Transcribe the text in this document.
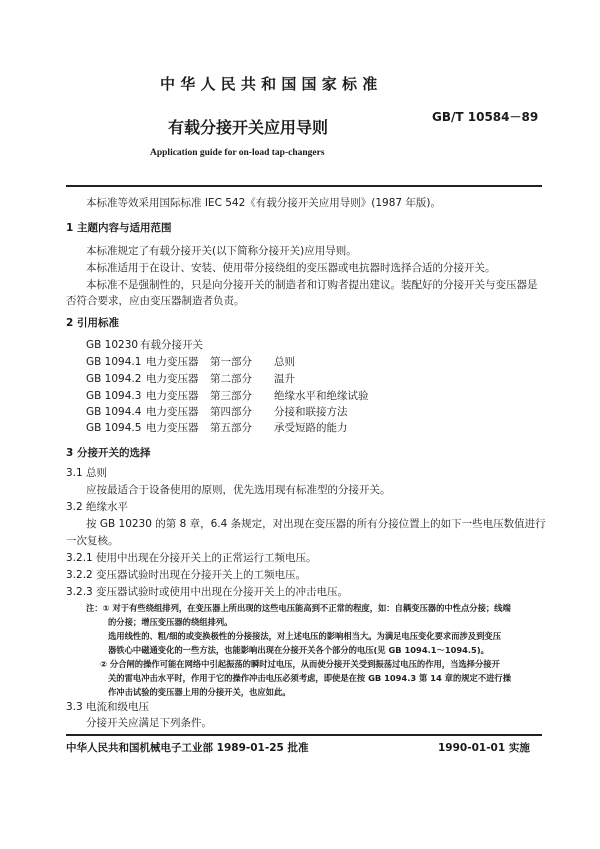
中 华 人 民 共 和 国 国 家 标 准
GB/T 10584－89
有载分接开关应用导则
Application guide for on-load tap-changers
本标准等效采用国际标准 IEC 542《有载分接开关应用导则》(1987 年版)。
1 主题内容与适用范围
本标准规定了有载分接开关(以下简称分接开关)应用导则。
本标准适用于在设计、安装、使用带分接绕组的变压器或电抗器时选择合适的分接开关。
本标准不是强制性的，只是向分接开关的制造者和订购者提出建议。装配好的分接开关与变压器是
否符合要求，应由变压器制造者负责。
2 引用标准
GB 10230 有载分接开关
GB 1094.1 电力变压器 第一部分 总则
GB 1094.2 电力变压器 第二部分 温升
GB 1094.3 电力变压器 第三部分 绝缘水平和绝缘试验
GB 1094.4 电力变压器 第四部分 分接和联接方法
GB 1094.5 电力变压器 第五部分 承受短路的能力
3 分接开关的选择
3.1 总则
应按最适合于设备使用的原则，优先选用现有标准型的分接开关。
3.2 绝缘水平
按 GB 10230 的第 8 章，6.4 条规定，对出现在变压器的所有分接位置上的如下一些电压数值进行
一次复核。
3.2.1 使用中出现在分接开关上的正常运行工频电压。
3.2.2 变压器试验时出现在分接开关上的工频电压。
3.2.3 变压器试验时或使用中出现在分接开关上的冲击电压。
注：① 对于有些绕组排列，在变压器上所出现的这些电压能高到不正常的程度，如：自耦变压器的中性点分接；线端
的分接；增压变压器的绕组排列。
选用线性的、粗/细的或变换极性的分接接法，对上述电压的影响相当大。为满足电压变化要求而涉及到变压
器铁心中磁通变化的一些方法，也能影响出现在分接开关各个部分的电压(见 GB 1094.1～1094.5)。
② 分合闸的操作可能在网络中引起振荡的瞬时过电压，从而使分接开关受到振荡过电压的作用，当选择分接开
关的雷电冲击水平时，作用于它的操作冲击电压必须考虑，即使是在按 GB 1094.3 第 14 章的规定不进行操
作冲击试验的变压器上用的分接开关，也应如此。
3.3 电流和级电压
分接开关应满足下列条件。
中华人民共和国机械电子工业部 1989-01-25 批准	1990-01-01 实施
